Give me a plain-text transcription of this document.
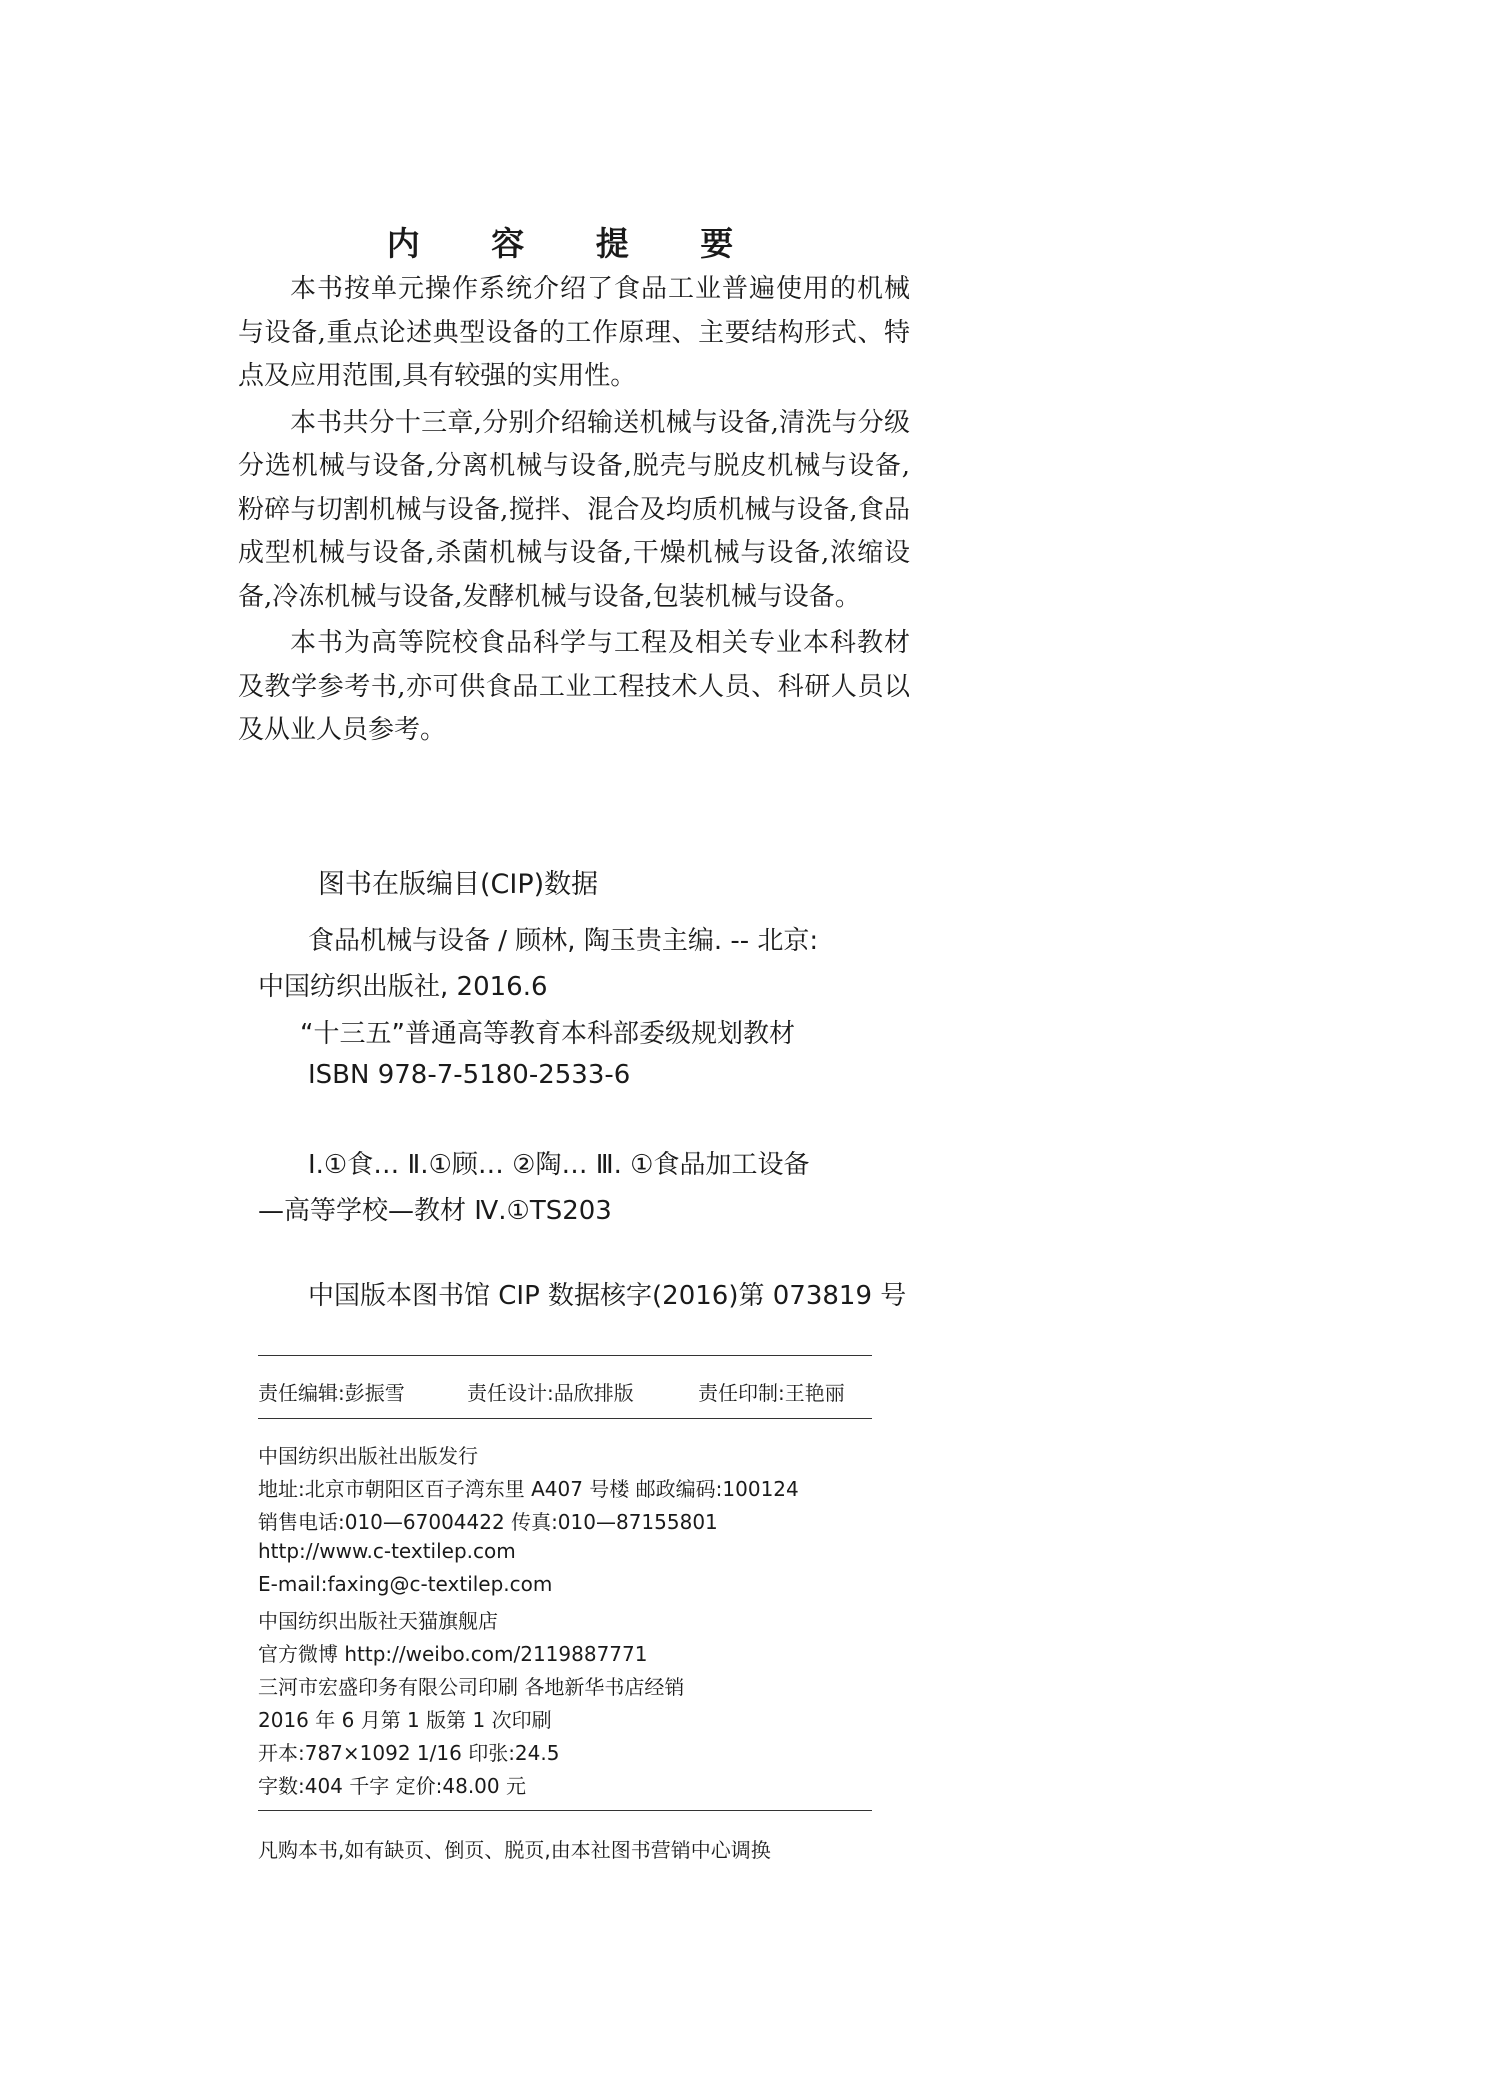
内 容 提 要

本书按单元操作系统介绍了食品工业普遍使用的机械与设备,重点论述典型设备的工作原理、主要结构形式、特点及应用范围,具有较强的实用性。

本书共分十三章,分别介绍输送机械与设备,清洗与分级分选机械与设备,分离机械与设备,脱壳与脱皮机械与设备,粉碎与切割机械与设备,搅拌、混合及均质机械与设备,食品成型机械与设备,杀菌机械与设备,干燥机械与设备,浓缩设备,冷冻机械与设备,发酵机械与设备,包装机械与设备。

本书为高等院校食品科学与工程及相关专业本科教材及教学参考书,亦可供食品工业工程技术人员、科研人员以及从业人员参考。

图书在版编目(CIP)数据
食品机械与设备 / 顾林, 陶玉贵主编. -- 北京:
中国纺织出版社, 2016.6
“十三五”普通高等教育本科部委级规划教材
ISBN 978-7-5180-2533-6
Ⅰ.①食… Ⅱ.①顾… ②陶… Ⅲ. ①食品加工设备
—高等学校—教材 Ⅳ.①TS203
中国版本图书馆 CIP 数据核字(2016)第 073819 号
责任编辑:彭振雪	责任设计:品欣排版	责任印制:王艳丽
中国纺织出版社出版发行
地址:北京市朝阳区百子湾东里 A407 号楼 邮政编码:100124
销售电话:010—67004422 传真:010—87155801
http://www.c-textilep.com
E-mail:faxing@c-textilep.com
中国纺织出版社天猫旗舰店
官方微博 http://weibo.com/2119887771
三河市宏盛印务有限公司印刷 各地新华书店经销
2016 年 6 月第 1 版第 1 次印刷
开本:787×1092 1/16 印张:24.5
字数:404 千字 定价:48.00 元
凡购本书,如有缺页、倒页、脱页,由本社图书营销中心调换
